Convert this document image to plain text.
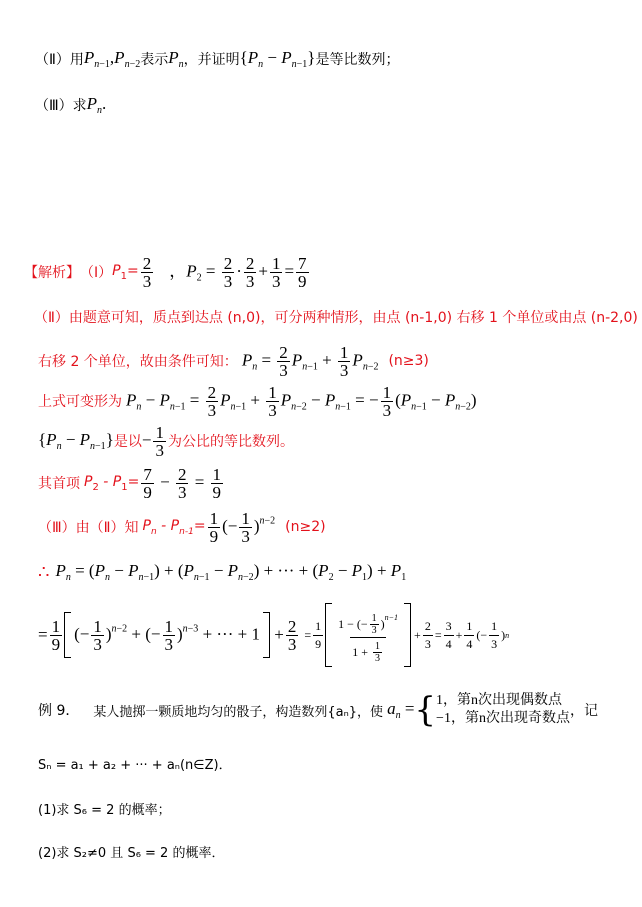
（Ⅱ） 用 $P_{n-1},P_{n-2}$ 表示 $P_n$ ，并证明 $\{P_n - P_{n-1}\}$ 是等比数列；
（Ⅲ） 求 $P_n$.
【解析】 （Ⅰ） $P_1= \frac{2}{3}$ ，$P_2 = \frac{2}{3} \cdot \frac{2}{3} + \frac{1}{3} = \frac{7}{9}$
（Ⅱ）由题意可知，质点到达点 (n,0)，可分两种情形，由点 (n-1,0) 右移 1 个单位或由点 (n-2,0)
右移 2 个单位，故由条件可知： $P_n = \frac{2}{3} P_{n-1} + \frac{1}{3} P_{n-2}$ (n≥3)
上式可变形为 $P_n - P_{n-1} = \frac{2}{3} P_{n-1} + \frac{1}{3} P_{n-2} - P_{n-1}$ = − $\frac{1}{3} (P_{n-1} - P_{n-2})$
$\{P_n - P_{n-1}\}$ 是以 − $\frac{1}{3}$ 为公比的等比数列。
其首项 $P_2 - P_1= \frac{7}{9} - \frac{2}{3} = \frac{1}{9}$
（Ⅲ）由（Ⅱ）知 $P_n - P_{n-1}= \frac{1}{9}$ (− $\frac{1}{3} )^{n-2}$ (n≥2)
∴ $P_n = (P_n - P_{n-1}) + (P_{n-1} - P_{n-2})$ + ··· + $(P_2 - P_1) + P_1$
= $\frac{1}{9}$ (− $\frac{1}{3} )^{n-2}$ + (− $\frac{1}{3} )^{n-3}$ + ··· + $1 + \frac{2}{3} = \frac{1}{9} \frac{1 - (- \frac{1}{3} )^{n-1}}{1 + \frac{1}{3}} + \frac{2}{3} = \frac{3}{4} + \frac{1}{4}$ (− $\frac{1}{3}$ ) n
例 9． 某人抛掷一颗质地均匀的骰子，构造数列{aₙ}，使 $a_n$ = { 1，第n次出现偶数点
−1，第n次出现奇数点 ，记
Sₙ = a₁ + a₂ + ··· + aₙ(n∈Z)．
(1)求 S₆ = 2 的概率；
(2)求 S₂≠0 且 S₆ = 2 的概率．
